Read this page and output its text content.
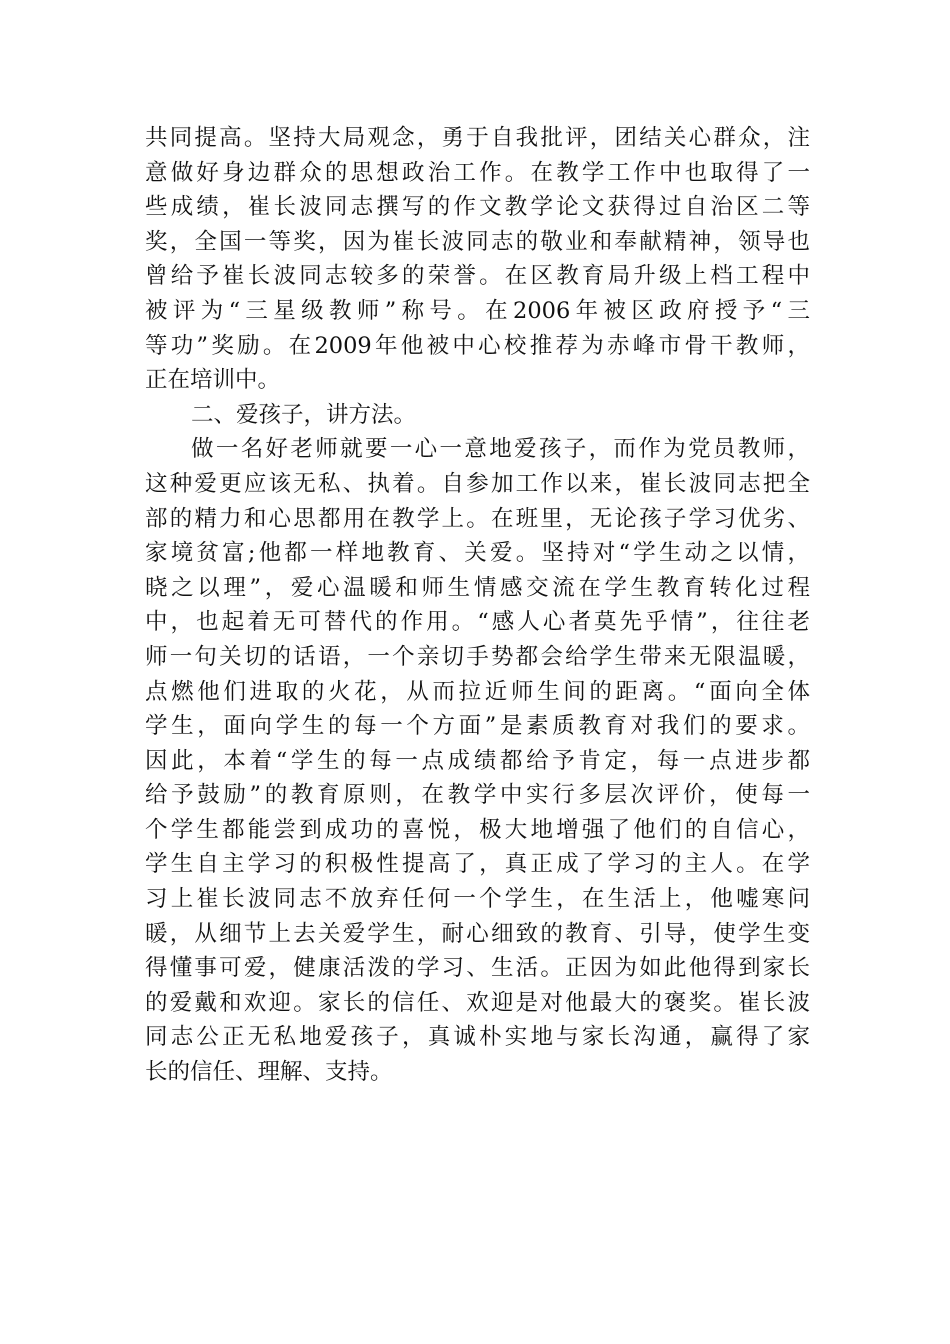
共同提高。坚持大局观念，勇于自我批评，团结关心群众，注
意做好身边群众的思想政治工作。在教学工作中也取得了一
些成绩，崔长波同志撰写的作文教学论文获得过自治区二等
奖，全国一等奖，因为崔长波同志的敬业和奉献精神，领导也
曾给予崔长波同志较多的荣誉。在区教育局升级上档工程中
被评为“三星级教师”称号。在2006年被区政府授予“三
等功”奖励。在2009年他被中心校推荐为赤峰市骨干教师，
正在培训中。
二、爱孩子，讲方法。
做一名好老师就要一心一意地爱孩子，而作为党员教师，
这种爱更应该无私、执着。自参加工作以来，崔长波同志把全
部的精力和心思都用在教学上。在班里，无论孩子学习优劣、
家境贫富;他都一样地教育、关爱。坚持对“学生动之以情，
晓之以理”，爱心温暖和师生情感交流在学生教育转化过程
中，也起着无可替代的作用。“感人心者莫先乎情”，往往老
师一句关切的话语，一个亲切手势都会给学生带来无限温暖，
点燃他们进取的火花，从而拉近师生间的距离。“面向全体
学生，面向学生的每一个方面”是素质教育对我们的要求。
因此，本着“学生的每一点成绩都给予肯定，每一点进步都
给予鼓励”的教育原则，在教学中实行多层次评价，使每一
个学生都能尝到成功的喜悦，极大地增强了他们的自信心，
学生自主学习的积极性提高了，真正成了学习的主人。在学
习上崔长波同志不放弃任何一个学生，在生活上，他嘘寒问
暖，从细节上去关爱学生，耐心细致的教育、引导，使学生变
得懂事可爱，健康活泼的学习、生活。正因为如此他得到家长
的爱戴和欢迎。家长的信任、欢迎是对他最大的褒奖。崔长波
同志公正无私地爱孩子，真诚朴实地与家长沟通，赢得了家
长的信任、理解、支持。
